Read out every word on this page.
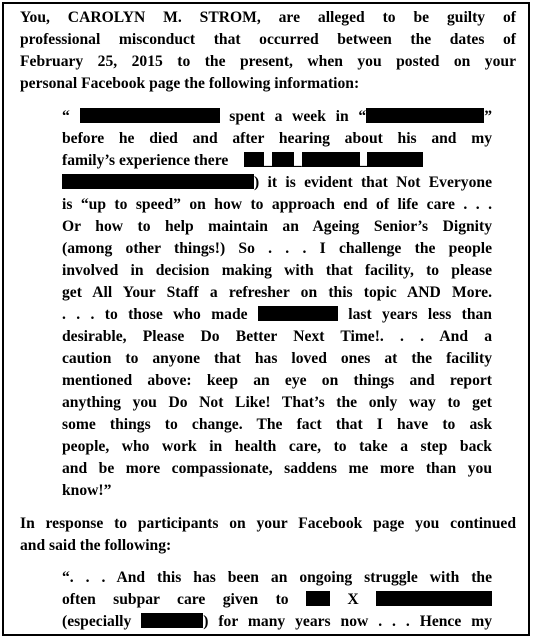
You, CAROLYN M. STROM, are alleged to be guilty of
professional misconduct that occurred between the dates of
February 25, 2015 to the present, when you posted on your
personal Facebook page the following information:
“	spent a week in “	”
before he died and after hearing about his and my
family’s experience there _ _	_
) it is evident that Not Everyone
is “up to speed” on how to approach end of life care . . .
Or how to help maintain an Ageing Senior’s Dignity
(among other things!) So . . . I challenge the people
involved in decision making with that facility, to please
get All Your Staff a refresher on this topic AND More.
. . . to those who made	last years less than
desirable, Please Do Better Next Time!. . . And a
caution to anyone that has loved ones at the facility
mentioned above: keep an eye on things and report
anything you Do Not Like! That’s the only way to get
some things to change. The fact that I have to ask
people, who work in health care, to take a step back
and be more compassionate, saddens me more than you
know!”
In response to participants on your Facebook page you continued
and said the following:
“. . . And this has been an ongoing struggle with the
often subpar care given to	X
(especially	) for many years now . . . Hence my
